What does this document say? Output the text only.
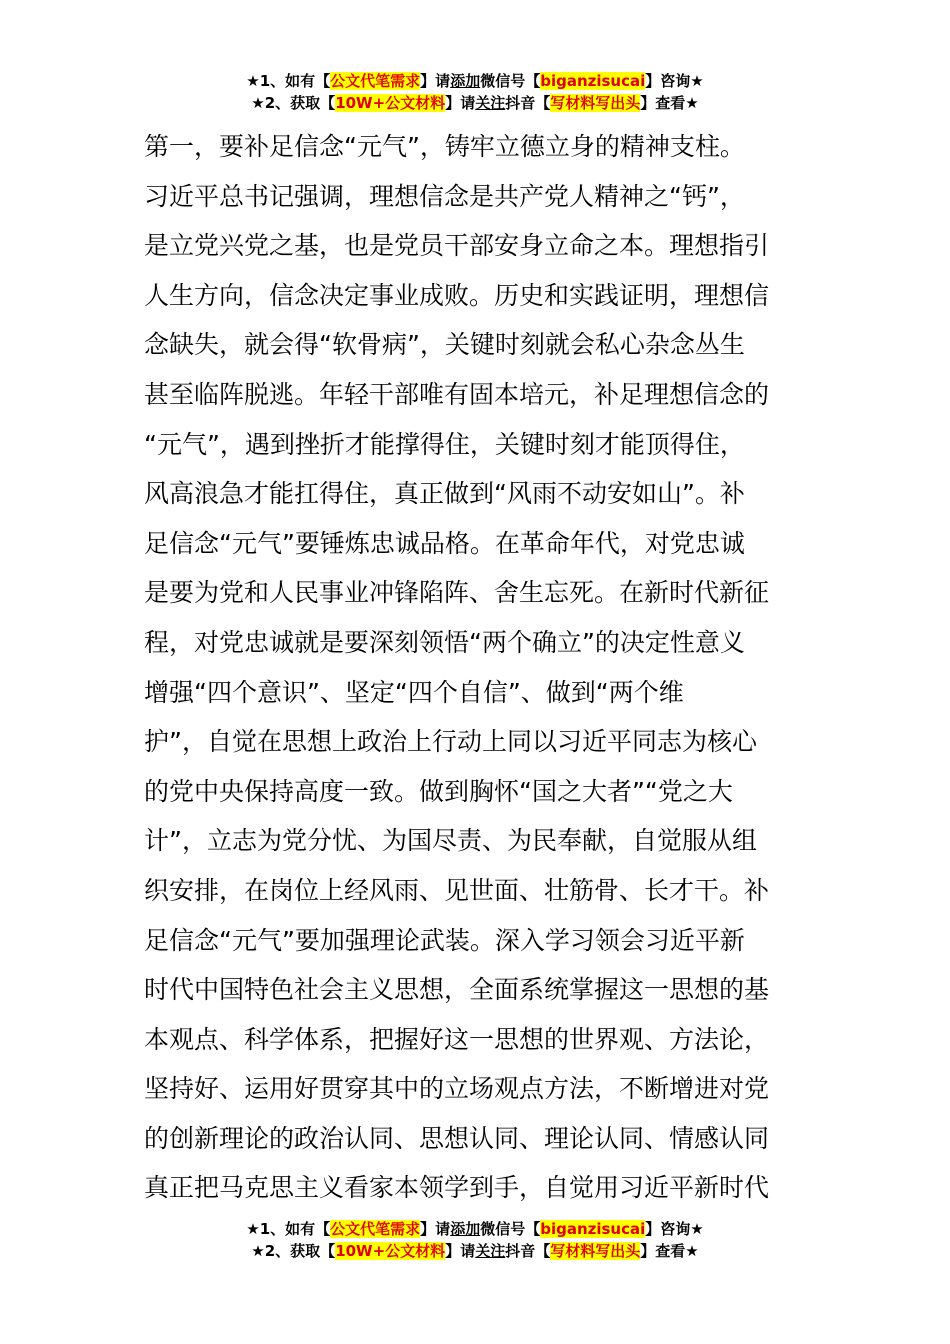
★1、如有【公文代笔需求】请添加微信号【biganzisucai】咨询★
★2、获取【10W+公文材料】请关注抖音【写材料写出头】查看★
第一，要补足信念“元气”，铸牢立德立身的精神支柱。
习近平总书记强调，理想信念是共产党人精神之“钙”，
是立党兴党之基，也是党员干部安身立命之本。理想指引
人生方向，信念决定事业成败。历史和实践证明，理想信
念缺失，就会得“软骨病”，关键时刻就会私心杂念丛生
甚至临阵脱逃。年轻干部唯有固本培元，补足理想信念的
“元气”，遇到挫折才能撑得住，关键时刻才能顶得住，
风高浪急才能扛得住，真正做到“风雨不动安如山”。补
足信念“元气”要锤炼忠诚品格。在革命年代，对党忠诚
是要为党和人民事业冲锋陷阵、舍生忘死。在新时代新征
程，对党忠诚就是要深刻领悟“两个确立”的决定性意义
增强“四个意识”、坚定“四个自信”、做到“两个维
护”，自觉在思想上政治上行动上同以习近平同志为核心
的党中央保持高度一致。做到胸怀“国之大者”“党之大
计”，立志为党分忧、为国尽责、为民奉献，自觉服从组
织安排，在岗位上经风雨、见世面、壮筋骨、长才干。补
足信念“元气”要加强理论武装。深入学习领会习近平新
时代中国特色社会主义思想，全面系统掌握这一思想的基
本观点、科学体系，把握好这一思想的世界观、方法论，
坚持好、运用好贯穿其中的立场观点方法，不断增进对党
的创新理论的政治认同、思想认同、理论认同、情感认同
真正把马克思主义看家本领学到手，自觉用习近平新时代
★1、如有【公文代笔需求】请添加微信号【biganzisucai】咨询★
★2、获取【10W+公文材料】请关注抖音【写材料写出头】查看★
